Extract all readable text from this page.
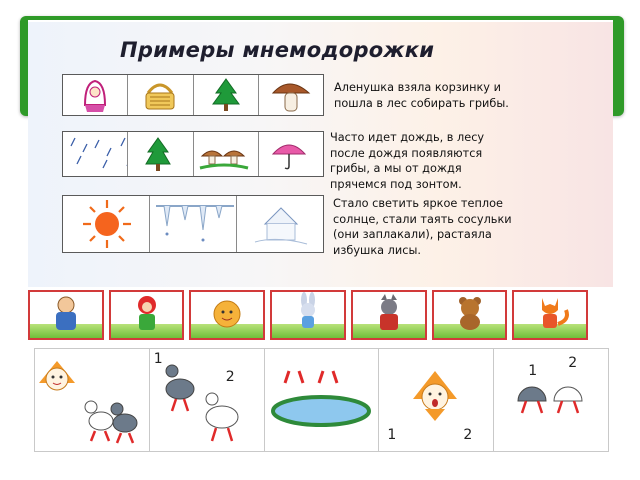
Примеры мнемодорожки
Аленушка взяла корзинку и
пошла в лес собирать грибы.
Часто идет дождь, в лесу
после дождя появляются
грибы, а мы от дождя
прячемся под зонтом.
Стало светить яркое теплое
солнце, стали таять сосульки
(они заплакали), растаяла
избушка лисы.
1
2
1	2
1 2
